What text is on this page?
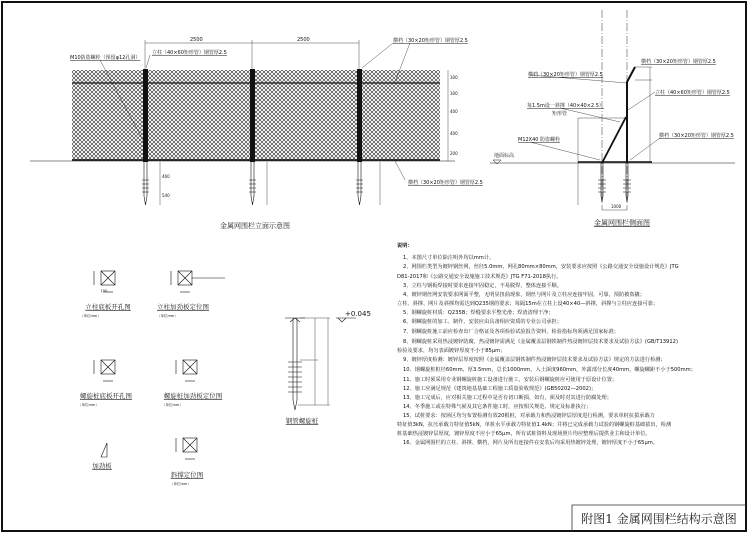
2500	2500
300
300
400
400
200
460
540
M10防盗螺栓（预留φ12孔洞）
立柱（40×60矩形管）钢管厚2.5
横档（30×20矩形管）钢管厚2.5
横档（30×20矩形管）钢管厚2.5
金属网围栏立面示意图
地面标高
横档（30×20矩形管）钢管厚2.5
横档（30×20矩形管）钢管厚2.5
立柱（40×60矩形管）钢管厚2.5
每1.5m设一斜撑（40×40×2.5）
矩形管
M12X40 防盗螺栓
横档（30×20矩形管）钢管厚2.5
1000
金属网围栏侧面图
150
+0.045
立柱底板开孔图
（单位mm）
立柱加劲板定位图
（单位mm）
螺旋桩底板开孔图
（单位mm）
螺旋桩加劲板定位图
（单位mm）
加劲板
斜撑定位图
（单位mm）
钢管螺旋桩
说明：
1、本图尺寸单位除注明外均以mm计。
2、网围栏类型为镀锌钢丝网，丝径5.0mm，网孔80mm×80mm，安装要求应按照《公路交通安全设施设计规范》JTG
D81-2017和《公路交通安全设施施工技术规范》JTG F71-2018执行。
3、立柱与钢板焊接时要求连接牢固稳定，不易脱焊，整体连接平顺。
4、镀锌钢丝网安装要求网面平整，无明显扭曲现象，钢丝与网片及立柱应连接牢固，可靠，预防被盗撬；
立柱、斜撑、网片及斜撑均需达到Q235钢的要求；每隔15m在立柱上设40×40—斜撑，斜撑与立柱应连接可靠；
5、钢螺旋桩材质：Q235B；焊缝要求平整光滑；焊渣清理干净；
6、钢螺旋桩的加工、制作、安装应由具备相应资质的专业公司承担；
7、钢螺旋桩施工前应检查出厂合格证及各项检验试验报告资料，检验指标均须满足国家标准；
8、钢螺旋桩采用热浸镀锌防腐，热浸镀锌需满足《金属覆盖层钢铁制件热浸镀锌层技术要求及试验方法》(GB/T13912)
检验及要求，均匀表面镀锌厚度不小于85μm；
9、镀锌厚度检测：镀锌层厚度按照《金属覆盖层钢铁制件热浸镀锌层技术要求及试验方法》规定的方法进行检测；
10、钢螺旋桩桩径60mm，厚3.5mm，总长1000mm，入土深度960mm，外露部分长度40mm，螺旋螺距不小于500mm；
11、施工时须采用专业钢螺旋桩施工设备进行施工，安装后钢螺旋桩应可使用于原设计位置；
12、施工应满足规范《建筑地基基础工程施工质量验收规范》(GB50202—2002)；
13、施工完成后，应对相关施工过程中是否有切口断损、如有，须及时对其进行防腐处理；
14、冬季施工或在特殊气候及其它条件施工时，应按相关规范、规定及标准执行；
15、试桩要求：按场区均匀布置检测有效20根桩，对承载力和热浸镀锌层厚度进行检测，要求单桩抗拔承载力
特征值3kN，抗压承载力特征值5kN，单桩水平承载力特征值1.4kN；并将已完成承载力试验的钢螺旋桩基础拔出，检测
桩基础热浸镀锌层厚度，镀锌厚度不应小于65μm，所有试桩资料及现场照片均应整理后提供业主和设计单位。
16、金属网围栏的立柱、斜撑、横档、网片及所有连接件在安装后均采用热镀锌处理，镀锌厚度不小于65μm。
附图1 金属网围栏结构示意图
